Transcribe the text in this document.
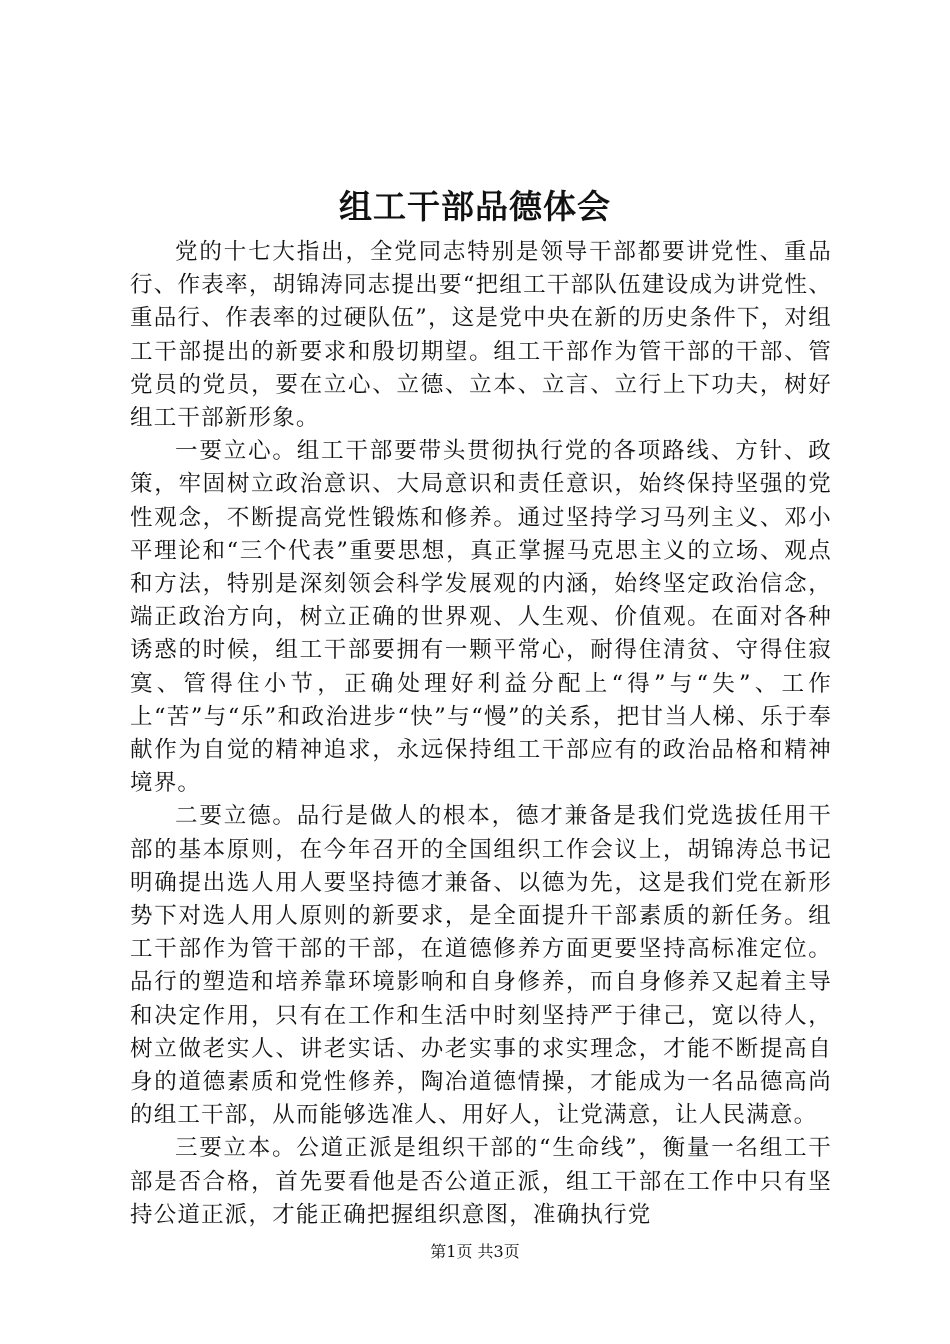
组工干部品德体会

党的十七大指出，全党同志特别是领导干部都要讲党性、重品行、作表率，胡锦涛同志提出要“把组工干部队伍建设成为讲党性、重品行、作表率的过硬队伍”，这是党中央在新的历史条件下，对组工干部提出的新要求和殷切期望。组工干部作为管干部的干部、管党员的党员，要在立心、立德、立本、立言、立行上下功夫，树好组工干部新形象。

一要立心。组工干部要带头贯彻执行党的各项路线、方针、政策，牢固树立政治意识、大局意识和责任意识，始终保持坚强的党性观念，不断提高党性锻炼和修养。通过坚持学习马列主义、邓小平理论和“三个代表”重要思想，真正掌握马克思主义的立场、观点和方法，特别是深刻领会科学发展观的内涵，始终坚定政治信念，端正政治方向，树立正确的世界观、人生观、价值观。在面对各种诱惑的时候，组工干部要拥有一颗平常心，耐得住清贫、守得住寂寞、管得住小节，正确处理好利益分配上“得”与“失”、工作上“苦”与“乐”和政治进步“快”与“慢”的关系，把甘当人梯、乐于奉献作为自觉的精神追求，永远保持组工干部应有的政治品格和精神境界。

二要立德。品行是做人的根本，德才兼备是我们党选拔任用干部的基本原则，在今年召开的全国组织工作会议上，胡锦涛总书记明确提出选人用人要坚持德才兼备、以德为先，这是我们党在新形势下对选人用人原则的新要求，是全面提升干部素质的新任务。组工干部作为管干部的干部，在道德修养方面更要坚持高标准定位。品行的塑造和培养靠环境影响和自身修养，而自身修养又起着主导和决定作用，只有在工作和生活中时刻坚持严于律己，宽以待人，树立做老实人、讲老实话、办老实事的求实理念，才能不断提高自身的道德素质和党性修养，陶冶道德情操，才能成为一名品德高尚的组工干部，从而能够选准人、用好人，让党满意，让人民满意。

三要立本。公道正派是组织干部的“生命线”，衡量一名组工干部是否合格，首先要看他是否公道正派，组工干部在工作中只有坚持公道正派，才能正确把握组织意图，准确执行党

第1页 共3页
